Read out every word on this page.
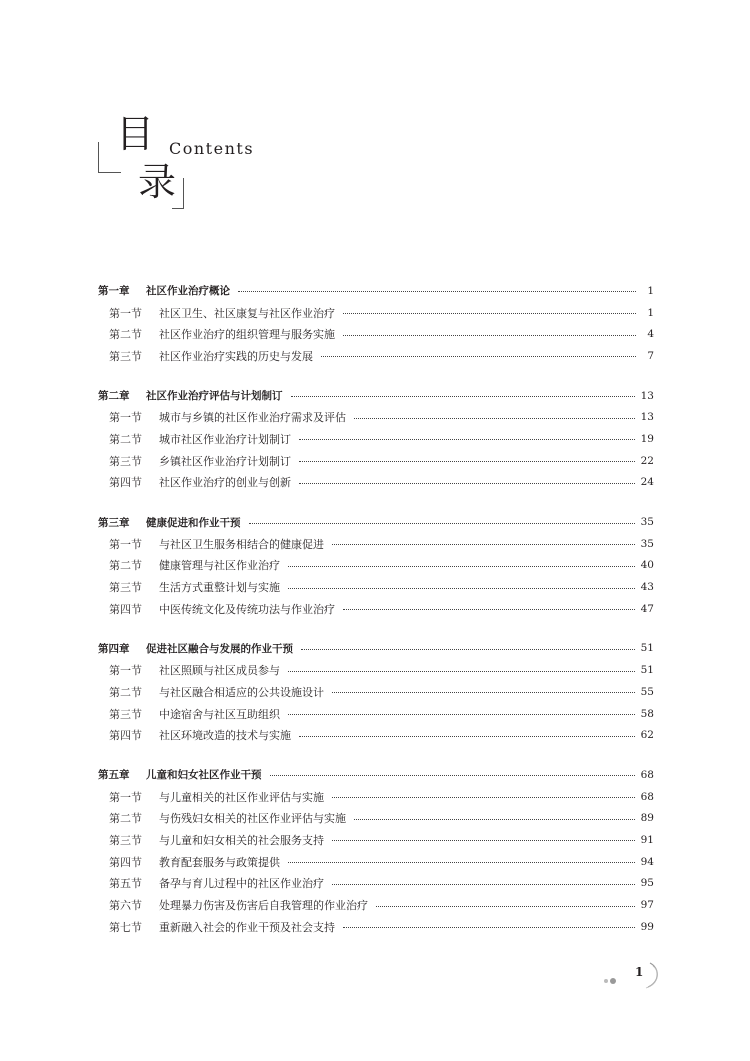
目 Contents
录
第一章	社区作业治疗概论	1
第一节	社区卫生、社区康复与社区作业治疗	1
第二节	社区作业治疗的组织管理与服务实施	4
第三节	社区作业治疗实践的历史与发展	7
第二章	社区作业治疗评估与计划制订	13
第一节	城市与乡镇的社区作业治疗需求及评估	13
第二节	城市社区作业治疗计划制订	19
第三节	乡镇社区作业治疗计划制订	22
第四节	社区作业治疗的创业与创新	24
第三章	健康促进和作业干预	35
第一节	与社区卫生服务相结合的健康促进	35
第二节	健康管理与社区作业治疗	40
第三节	生活方式重整计划与实施	43
第四节	中医传统文化及传统功法与作业治疗	47
第四章	促进社区融合与发展的作业干预	51
第一节	社区照顾与社区成员参与	51
第二节	与社区融合相适应的公共设施设计	55
第三节	中途宿舍与社区互助组织	58
第四节	社区环境改造的技术与实施	62
第五章	儿童和妇女社区作业干预	68
第一节	与儿童相关的社区作业评估与实施	68
第二节	与伤残妇女相关的社区作业评估与实施	89
第三节	与儿童和妇女相关的社会服务支持	91
第四节	教育配套服务与政策提供	94
第五节	备孕与育儿过程中的社区作业治疗	95
第六节	处理暴力伤害及伤害后自我管理的作业治疗	97
第七节	重新融入社会的作业干预及社会支持	99
1
